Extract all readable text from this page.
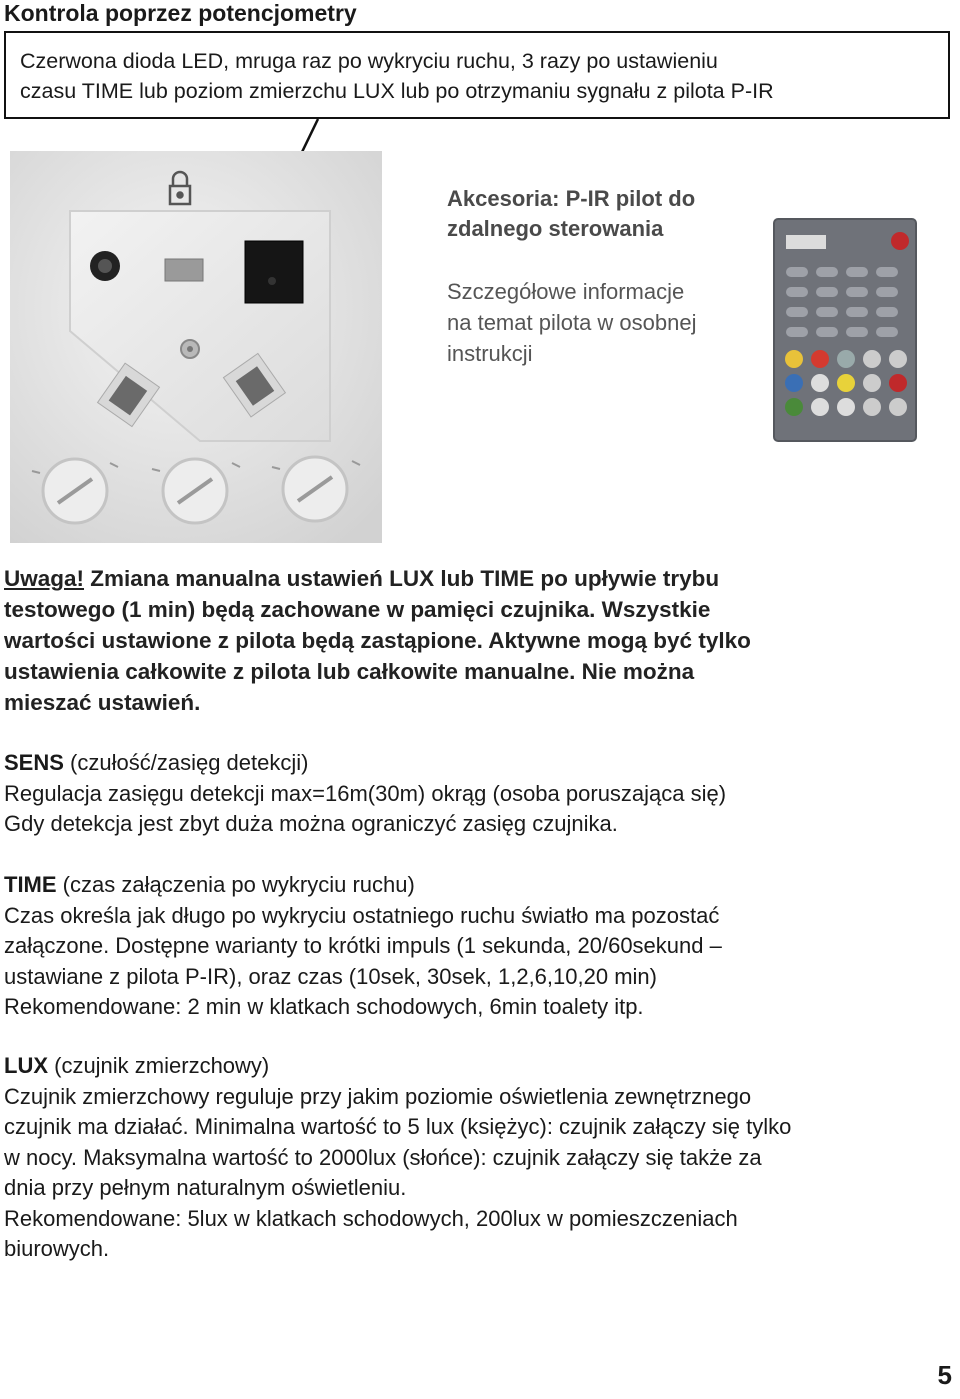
Kontrola poprzez potencjometry
Czerwona dioda LED, mruga raz po wykryciu ruchu, 3 razy po ustawieniu
czasu TIME lub poziom zmierzchu LUX lub po otrzymaniu sygnału z pilota P-IR
Akcesoria: P-IR pilot do
zdalnego sterowania
Szczegółowe informacje
na temat pilota w osobnej
instrukcji
Uwaga! Zmiana manualna ustawień LUX lub TIME po upływie trybu
testowego (1 min) będą zachowane w pamięci czujnika. Wszystkie
wartości ustawione z pilota będą zastąpione. Aktywne mogą być tylko
ustawienia całkowite z pilota lub całkowite manualne. Nie można
mieszać ustawień.
SENS (czułość/zasięg detekcji)
Regulacja zasięgu detekcji max=16m(30m) okrąg (osoba poruszająca się)
Gdy detekcja jest zbyt duża można ograniczyć zasięg czujnika.
TIME (czas załączenia po wykryciu ruchu)
Czas określa jak długo po wykryciu ostatniego ruchu światło ma pozostać
załączone. Dostępne warianty to krótki impuls (1 sekunda, 20/60sekund –
ustawiane z pilota P-IR), oraz czas (10sek, 30sek, 1,2,6,10,20 min)
Rekomendowane: 2 min w klatkach schodowych, 6min toalety itp.
LUX (czujnik zmierzchowy)
Czujnik zmierzchowy reguluje przy jakim poziomie oświetlenia zewnętrznego
czujnik ma działać. Minimalna wartość to 5 lux (księżyc): czujnik załączy się tylko
w nocy. Maksymalna wartość to 2000lux (słońce): czujnik załączy się także za
dnia przy pełnym naturalnym oświetleniu.
Rekomendowane: 5lux w klatkach schodowych, 200lux w pomieszczeniach
biurowych.
5
